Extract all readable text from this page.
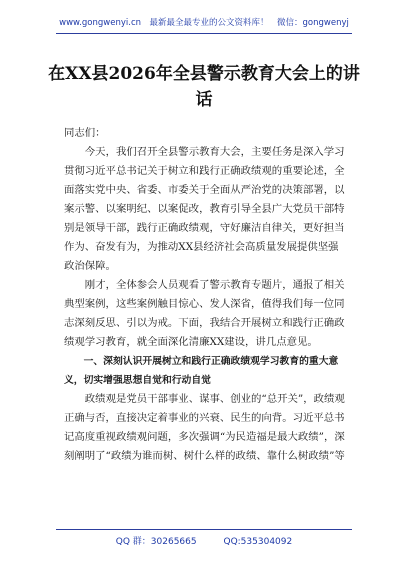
www.gongwenyi.cn　最新最全最专业的公文资料库！　微信：gongwenyj
在XX县2026年全县警示教育大会上的讲话

同志们：

今天，我们召开全县警示教育大会，主要任务是深入学习贯彻习近平总书记关于树立和践行正确政绩观的重要论述，全面落实党中央、省委、市委关于全面从严治党的决策部署，以案示警、以案明纪、以案促改，教育引导全县广大党员干部特别是领导干部，践行正确政绩观，守好廉洁自律关，更好担当作为、奋发有为，为推动XX县经济社会高质量发展提供坚强政治保障。

刚才，全体参会人员观看了警示教育专题片，通报了相关典型案例，这些案例触目惊心、发人深省，值得我们每一位同志深刻反思、引以为戒。下面，我结合开展树立和践行正确政绩观学习教育，就全面深化清廉XX建设，讲几点意见。

一、深刻认识开展树立和践行正确政绩观学习教育的重大意义，切实增强思想自觉和行动自觉

政绩观是党员干部事业、谋事、创业的“总开关”，政绩观正确与否，直接决定着事业的兴衰、民生的向背。习近平总书记高度重视政绩观问题，多次强调“为民造福是最大政绩”，深刻阐明了“政绩为谁而树、树什么样的政绩、靠什么树政绩”等

QQ 群：30265665	QQ:535304092
